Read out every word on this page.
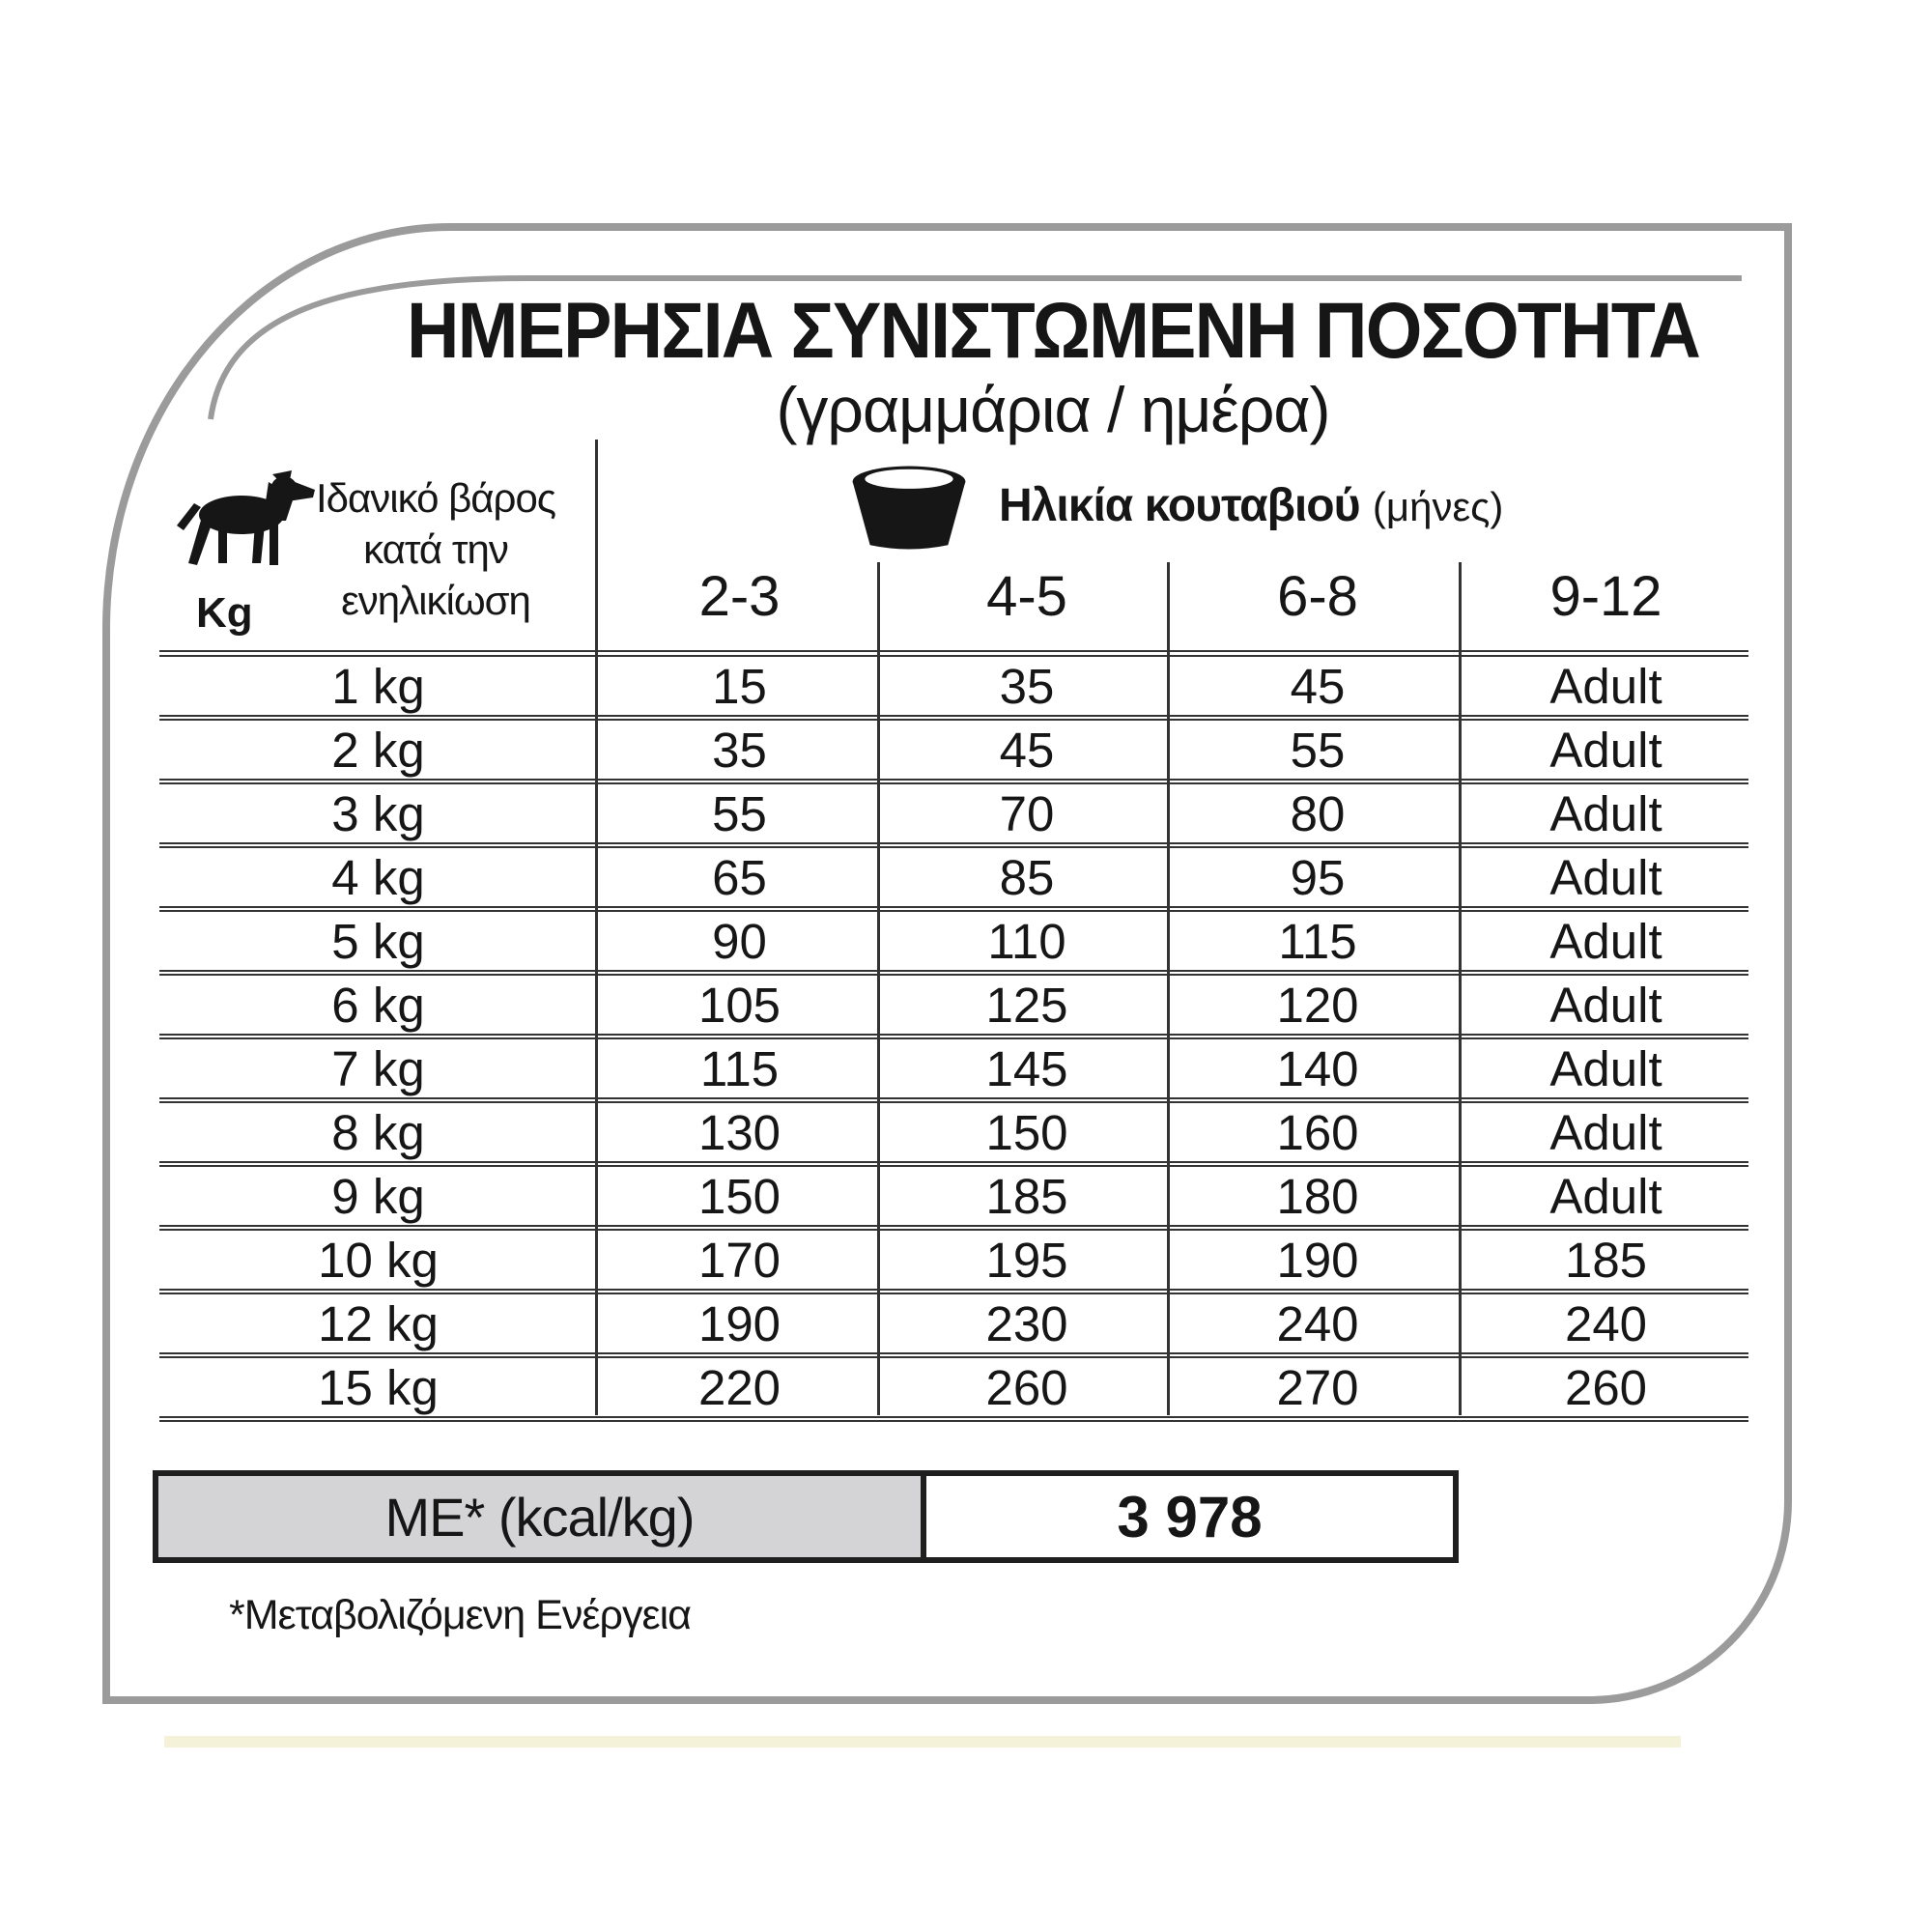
ΗΜΕΡΗΣΙΑ ΣΥΝΙΣΤΩΜΕΝΗ ΠΟΣΟΤΗΤΑ
(γραμμάρια / ημέρα)
Ιδανικό βάρος
κατά την
ενηλικίωση
Kg
Ηλικία κουταβιού (μήνες)
2-3	4-5	6-8	9-12
1 kg	15	35	45	Adult
2 kg	35	45	55	Adult
3 kg	55	70	80	Adult
4 kg	65	85	95	Adult
5 kg	90	110	115	Adult
6 kg	105	125	120	Adult
7 kg	115	145	140	Adult
8 kg	130	150	160	Adult
9 kg	150	185	180	Adult
10 kg	170	195	190	185
12 kg	190	230	240	240
15 kg	220	260	270	260
ME* (kcal/kg)	3 978
*Μεταβολιζόμενη Ενέργεια
